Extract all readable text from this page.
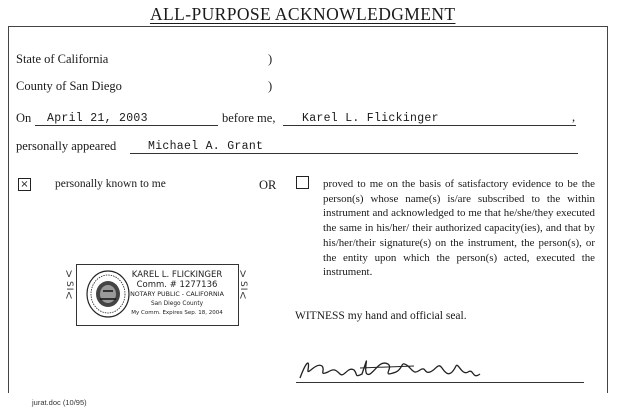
ALL-PURPOSE ACKNOWLEDGMENT
State of California	)
County of San Diego	)
On April 21, 2003	before me, Karel L. Flickinger	,
personally appeared	Michael A. Grant
× personally known to me	OR	proved to me on the basis of satisfactory evidence to be the person(s) whose name(s) is/are subscribed to the within instrument and acknowledged to me that he/she/they executed the same in his/her/ their authorized capacity(ies), and that by his/her/their signature(s) on the instrument, the person(s), or the entity upon which the person(s) acted, executed the instrument.
KAREL L. FLICKINGER
Comm. # 1277136
NOTARY PUBLIC - CALIFORNIA
San Diego County
My Comm. Expires Sep. 18, 2004
ᐯSIᐱ	ᐯSIᐱ
WITNESS my hand and official seal.
jurat.doc (10/95)
